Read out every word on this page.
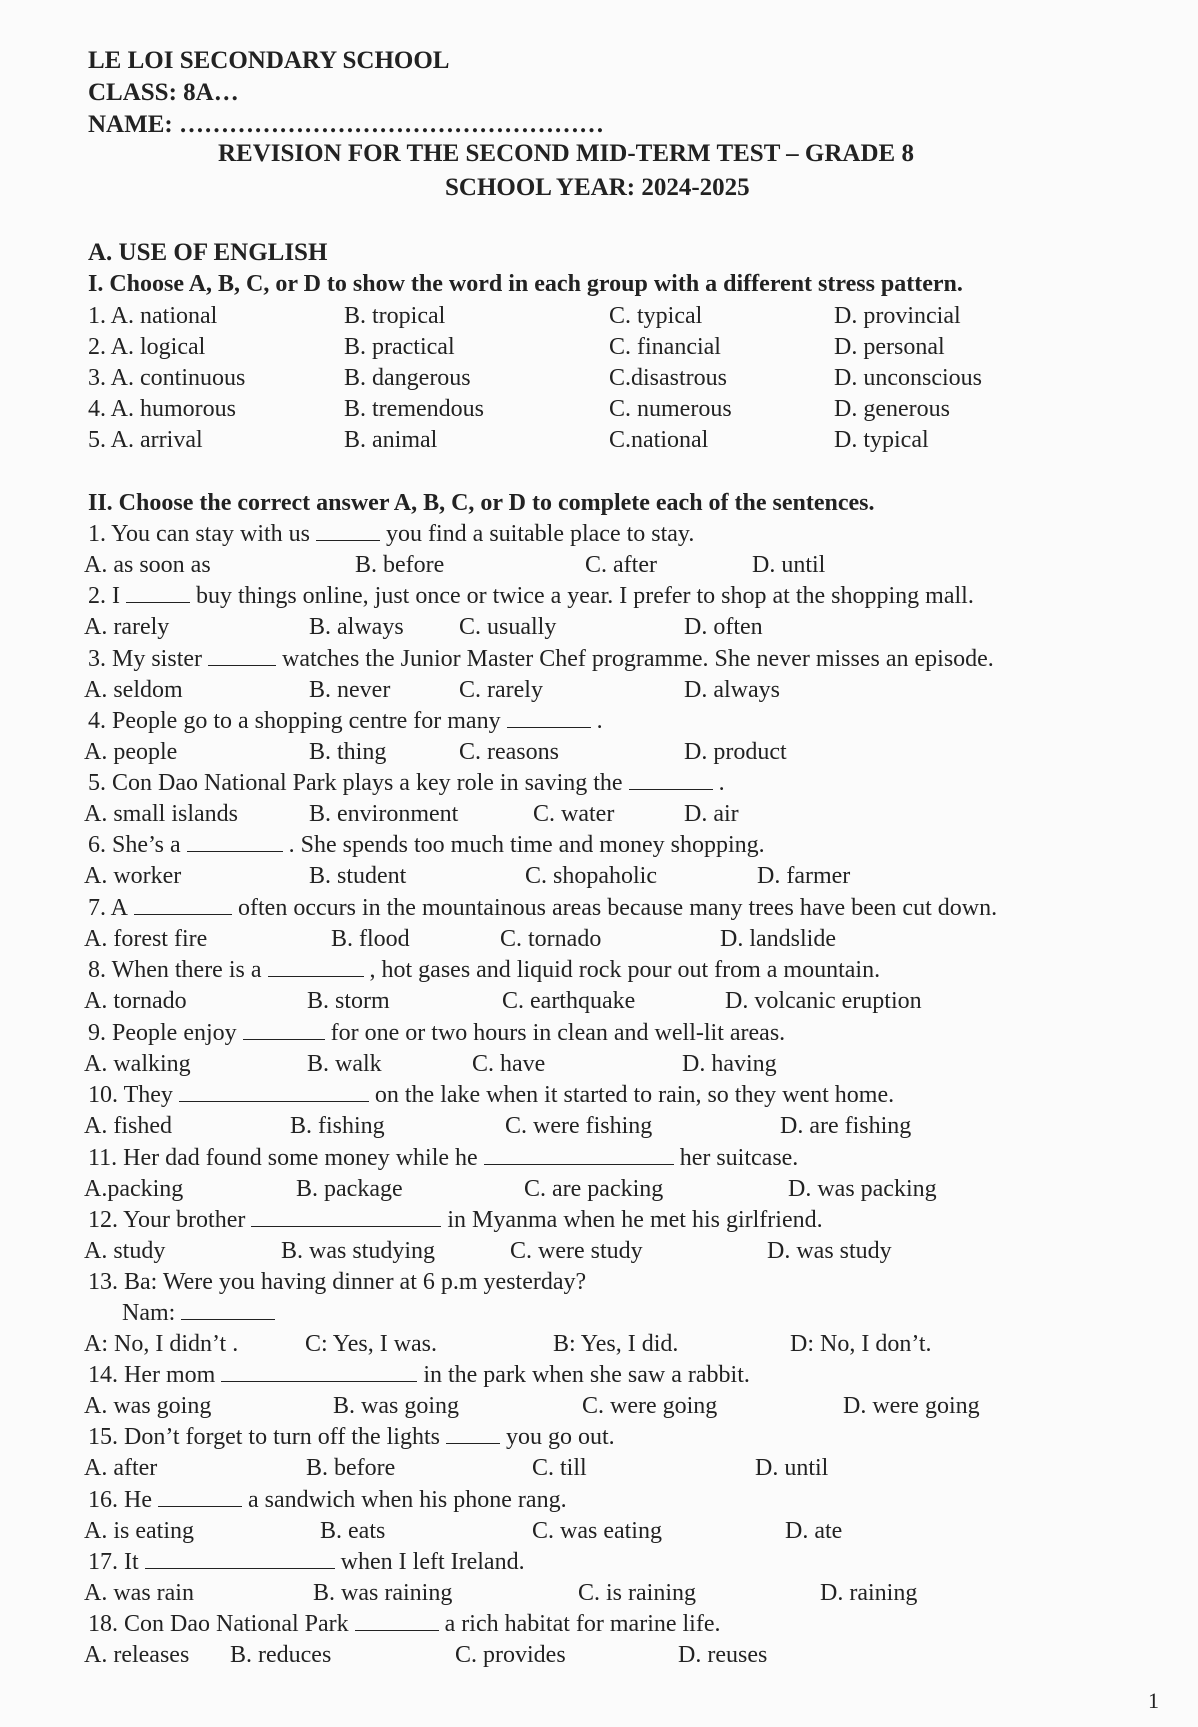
LE LOI SECONDARY SCHOOL
CLASS: 8A…
NAME: ……………………………………………
REVISION FOR THE SECOND MID-TERM TEST – GRADE 8
SCHOOL YEAR: 2024-2025
A. USE OF ENGLISH
I. Choose A, B, C, or D to show the word in each group with a different stress pattern.
1. A. national	B. tropical	C. typical	D. provincial
2. A. logical	B. practical	C. financial	D. personal
3. A. continuous	B. dangerous	C.disastrous	D. unconscious
4. A. humorous	B. tremendous	C. numerous	D. generous
5. A. arrival	B. animal	C.national	D. typical
II. Choose the correct answer A, B, C, or D to complete each of the sentences.
1. You can stay with us	you find a suitable place to stay.
A. as soon as	B. before	C. after	D. until
2. I	buy things online, just once or twice a year. I prefer to shop at the shopping mall.
A. rarely	B. always C. usually	D. often
3. My sister	watches the Junior Master Chef programme. She never misses an episode.
A. seldom	B. never	C. rarely	D. always
4. People go to a shopping centre for many	.
A. people	B. thing	C. reasons	D. product
5. Con Dao National Park plays a key role in saving the	.
A. small islands	B. environment	C. water	D. air
6. She’s a	. She spends too much time and money shopping.
A. worker	B. student	C. shopaholic	D. farmer
7. A	often occurs in the mountainous areas because many trees have been cut down.
A. forest fire	B. flood	C. tornado	D. landslide
8. When there is a	, hot gases and liquid rock pour out from a mountain.
A. tornado	B. storm	C. earthquake	D. volcanic eruption
9. People enjoy	for one or two hours in clean and well-lit areas.
A. walking	B. walk	C. have	D. having
10. They	on the lake when it started to rain, so they went home.
A. fished	B. fishing	C. were fishing	D. are fishing
11. Her dad found some money while he	her suitcase.
A.packing	B. package	C. are packing	D. was packing
12. Your brother	in Myanma when he met his girlfriend.
A. study	B. was studying	C. were study	D. was study
13. Ba: Were you having dinner at 6 p.m yesterday?
Nam:
A: No, I didn’t .	C: Yes, I was.	B: Yes, I did.	D: No, I don’t.
14. Her mom	in the park when she saw a rabbit.
A. was going	B. was going	C. were going	D. were going
15. Don’t forget to turn off the lights	you go out.
A. after	B. before	C. till	D. until
16. He	a sandwich when his phone rang.
A. is eating	B. eats	C. was eating	D. ate
17. It	when I left Ireland.
A. was rain	B. was raining	C. is raining	D. raining
18. Con Dao National Park	a rich habitat for marine life.
A. releases B. reduces	C. provides	D. reuses
1
